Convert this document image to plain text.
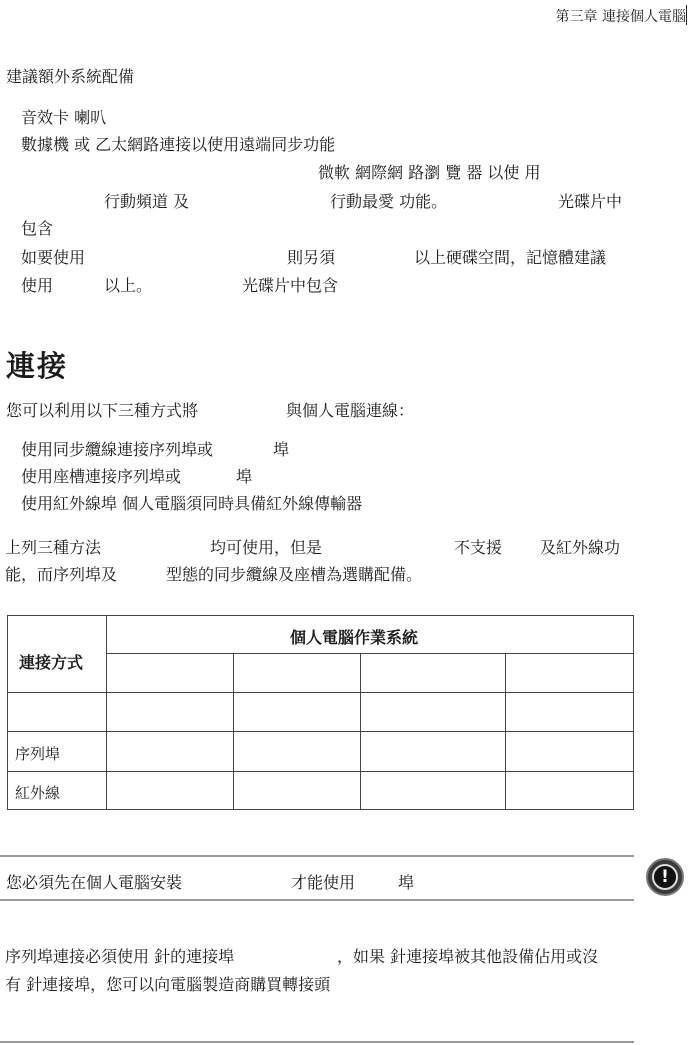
第三章 連接個人電腦
建議額外系統配備
音效卡 喇叭
數據機 或 乙太網路連接以使用遠端同步功能
微軟 網際網 路瀏 覽 器 以使 用
行動頻道 及	行動最愛 功能。	光碟片中
包含
如要使用	則另須	以上硬碟空間，記憶體建議
使用	以上。	光碟片中包含
連接
您可以利用以下三種方式將	與個人電腦連線：
使用同步纜線連接序列埠或	埠
使用座槽連接序列埠或	埠
使用紅外線埠 個人電腦須同時具備紅外線傳輸器
上列三種方法	均可使用，但是	不支援 及紅外線功
能，而序列埠及	型態的同步纜線及座槽為選購配備。
連接方式
個人電腦作業系統
序列埠
紅外線
您必須先在個人電腦安裝	才能使用	埠	!
序列埠連接必須使用 針的連接埠	，如果 針連接埠被其他設備佔用或沒
有 針連接埠，您可以向電腦製造商購買轉接頭
